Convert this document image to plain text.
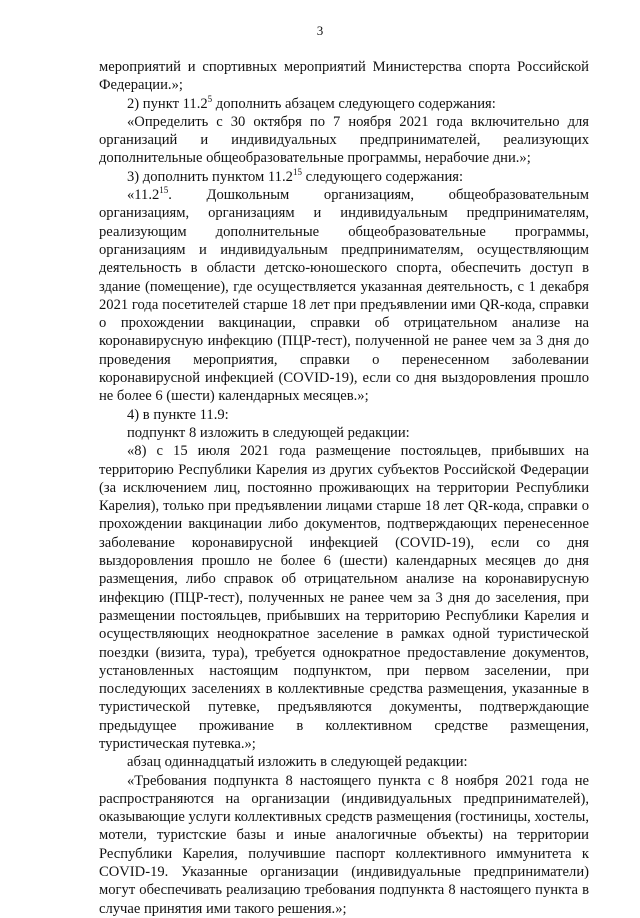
3

мероприятий и спортивных мероприятий Министерства спорта Российской Федерации.»;

2) пункт 11.2$^5$ дополнить абзацем следующего содержания:

«Определить с 30 октября по 7 ноября 2021 года включительно для организаций и индивидуальных предпринимателей, реализующих дополнительные общеобразовательные программы, нерабочие дни.»;

3) дополнить пунктом 11.2$^{15}$ следующего содержания:

«11.2$^{15}$. Дошкольным организациям, общеобразовательным организациям, организациям и индивидуальным предпринимателям, реализующим дополнительные общеобразовательные программы, организациям и индивидуальным предпринимателям, осуществляющим деятельность в области детско-юношеского спорта, обеспечить доступ в здание (помещение), где осуществляется указанная деятельность, с 1 декабря 2021 года посетителей старше 18 лет при предъявлении ими QR-кода, справки о прохождении вакцинации, справки об отрицательном анализе на коронавирусную инфекцию (ПЦР-тест), полученной не ранее чем за 3 дня до проведения мероприятия, справки о перенесенном заболевании коронавирусной инфекцией (COVID-19), если со дня выздоровления прошло не более 6 (шести) календарных месяцев.»;

4) в пункте 11.9:

подпункт 8 изложить в следующей редакции:

«8) с 15 июля 2021 года размещение постояльцев, прибывших на территорию Республики Карелия из других субъектов Российской Федерации (за исключением лиц, постоянно проживающих на территории Республики Карелия), только при предъявлении лицами старше 18 лет QR-кода, справки о прохождении вакцинации либо документов, подтверждающих перенесенное заболевание коронавирусной инфекцией (COVID-19), если со дня выздоровления прошло не более 6 (шести) календарных месяцев до дня размещения, либо справок об отрицательном анализе на коронавирусную инфекцию (ПЦР-тест), полученных не ранее чем за 3 дня до заселения, при размещении постояльцев, прибывших на территорию Республики Карелия и осуществляющих неоднократное заселение в рамках одной туристической поездки (визита, тура), требуется однократное предоставление документов, установленных настоящим подпунктом, при первом заселении, при последующих заселениях в коллективные средства размещения, указанные в туристической путевке, предъявляются документы, подтверждающие предыдущее проживание в коллективном средстве размещения, туристическая путевка.»;

абзац одиннадцатый изложить в следующей редакции:

«Требования подпункта 8 настоящего пункта с 8 ноября 2021 года не распространяются на организации (индивидуальных предпринимателей), оказывающие услуги коллективных средств размещения (гостиницы, хостелы, мотели, туристские базы и иные аналогичные объекты) на территории Республики Карелия, получившие паспорт коллективного иммунитета к COVID-19. Указанные организации (индивидуальные предприниматели) могут обеспечивать реализацию требования подпункта 8 настоящего пункта в случае принятия ими такого решения.»;
